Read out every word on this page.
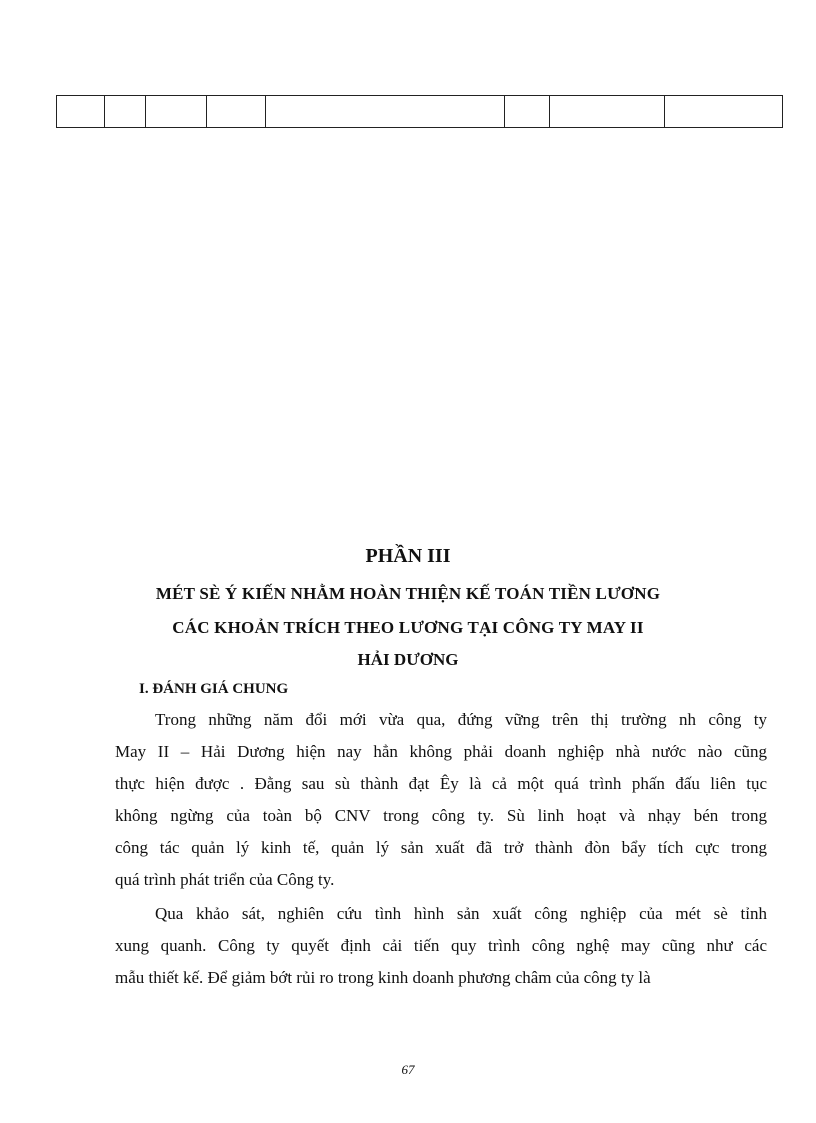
PHẦN III
MÉT SÈ Ý KIẾN NHẰM HOÀN THIỆN KẾ TOÁN TIỀN LƯƠNG
CÁC KHOẢN TRÍCH THEO LƯƠNG TẠI CÔNG TY MAY II
HẢI DƯƠNG
I. ĐÁNH GIÁ CHUNG

Trong những năm đổi mới vừa qua, đứng vững trên thị trường nh công ty
May II – Hải Dương hiện nay hẳn không phải doanh nghiệp nhà nước nào cũng
thực hiện được . Đằng sau sù thành đạt Êy là cả một quá trình phấn đấu liên tục
không ngừng của toàn bộ CNV trong công ty. Sù linh hoạt và nhạy bén trong
công tác quản lý kinh tế, quản lý sản xuất đã trở thành đòn bẩy tích cực trong
quá trình phát triển của Công ty.

Qua khảo sát, nghiên cứu tình hình sản xuất công nghiệp của mét sè tỉnh
xung quanh. Công ty quyết định cải tiến quy trình công nghệ may cũng như các
mẫu thiết kế. Để giảm bớt rủi ro trong kinh doanh phương châm của công ty là

67
